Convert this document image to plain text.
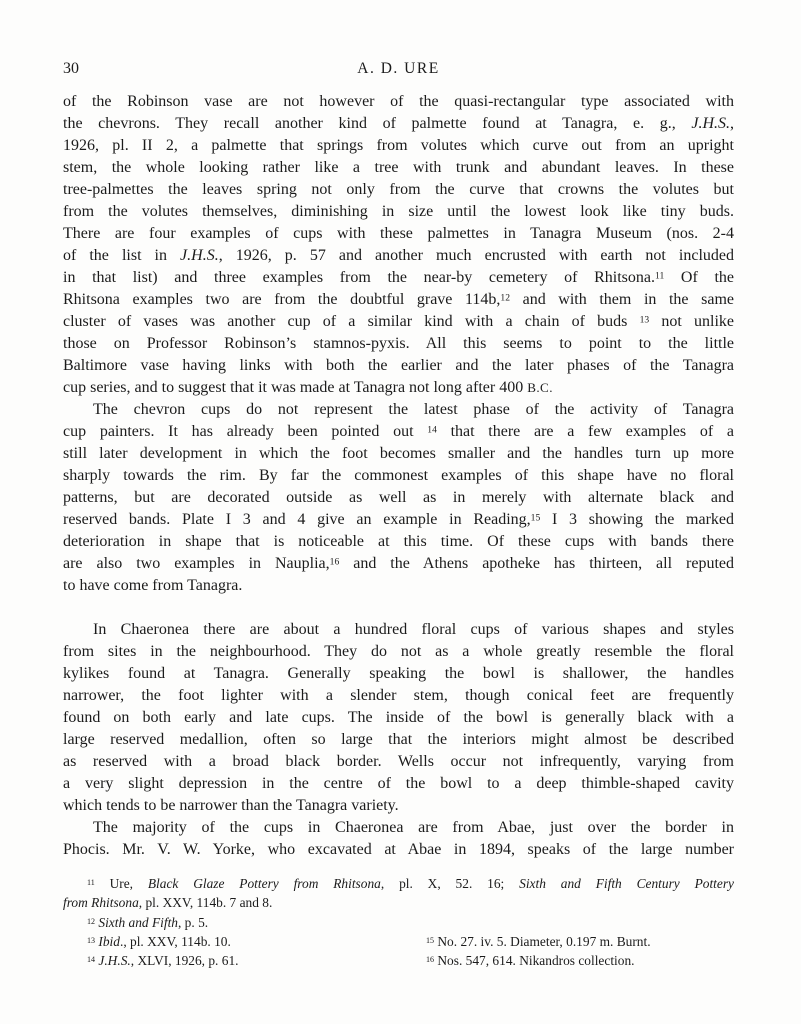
30	A. D. URE
of the Robinson vase are not however of the quasi-rectangular type associated with
the chevrons. They recall another kind of palmette found at Tanagra, e. g., J.H.S.,
1926, pl. II 2, a palmette that springs from volutes which curve out from an upright
stem, the whole looking rather like a tree with trunk and abundant leaves. In these
tree-palmettes the leaves spring not only from the curve that crowns the volutes but
from the volutes themselves, diminishing in size until the lowest look like tiny buds.
There are four examples of cups with these palmettes in Tanagra Museum (nos. 2-4
of the list in J.H.S., 1926, p. 57 and another much encrusted with earth not included
in that list) and three examples from the near-by cemetery of Rhitsona.$^{11}$ Of the
Rhitsona examples two are from the doubtful grave 114b,$^{12}$ and with them in the same
cluster of vases was another cup of a similar kind with a chain of buds $^{13}$ not unlike
those on Professor Robinson’s stamnos-pyxis. All this seems to point to the little
Baltimore vase having links with both the earlier and the later phases of the Tanagra
cup series, and to suggest that it was made at Tanagra not long after 400 B.C.
The chevron cups do not represent the latest phase of the activity of Tanagra
cup painters. It has already been pointed out $^{14}$ that there are a few examples of a
still later development in which the foot becomes smaller and the handles turn up more
sharply towards the rim. By far the commonest examples of this shape have no floral
patterns, but are decorated outside as well as in merely with alternate black and
reserved bands. Plate I 3 and 4 give an example in Reading,$^{15}$ I 3 showing the marked
deterioration in shape that is noticeable at this time. Of these cups with bands there
are also two examples in Nauplia,$^{16}$ and the Athens apotheke has thirteen, all reputed
to have come from Tanagra.
In Chaeronea there are about a hundred floral cups of various shapes and styles
from sites in the neighbourhood. They do not as a whole greatly resemble the floral
kylikes found at Tanagra. Generally speaking the bowl is shallower, the handles
narrower, the foot lighter with a slender stem, though conical feet are frequently
found on both early and late cups. The inside of the bowl is generally black with a
large reserved medallion, often so large that the interiors might almost be described
as reserved with a broad black border. Wells occur not infrequently, varying from
a very slight depression in the centre of the bowl to a deep thimble-shaped cavity
which tends to be narrower than the Tanagra variety.
The majority of the cups in Chaeronea are from Abae, just over the border in
Phocis. Mr. V. W. Yorke, who excavated at Abae in 1894, speaks of the large number
$^{11}$ Ure, Black Glaze Pottery from Rhitsona, pl. X, 52. 16; Sixth and Fifth Century Pottery
from Rhitsona, pl. XXV, 114b. 7 and 8.
$^{12}$ Sixth and Fifth, p. 5.
$^{13}$ Ibid., pl. XXV, 114b. 10.
$^{14}$ J.H.S., XLVI, 1926, p. 61.
$^{15}$ No. 27. iv. 5. Diameter, 0.197 m. Burnt.
$^{16}$ Nos. 547, 614. Nikandros collection.
